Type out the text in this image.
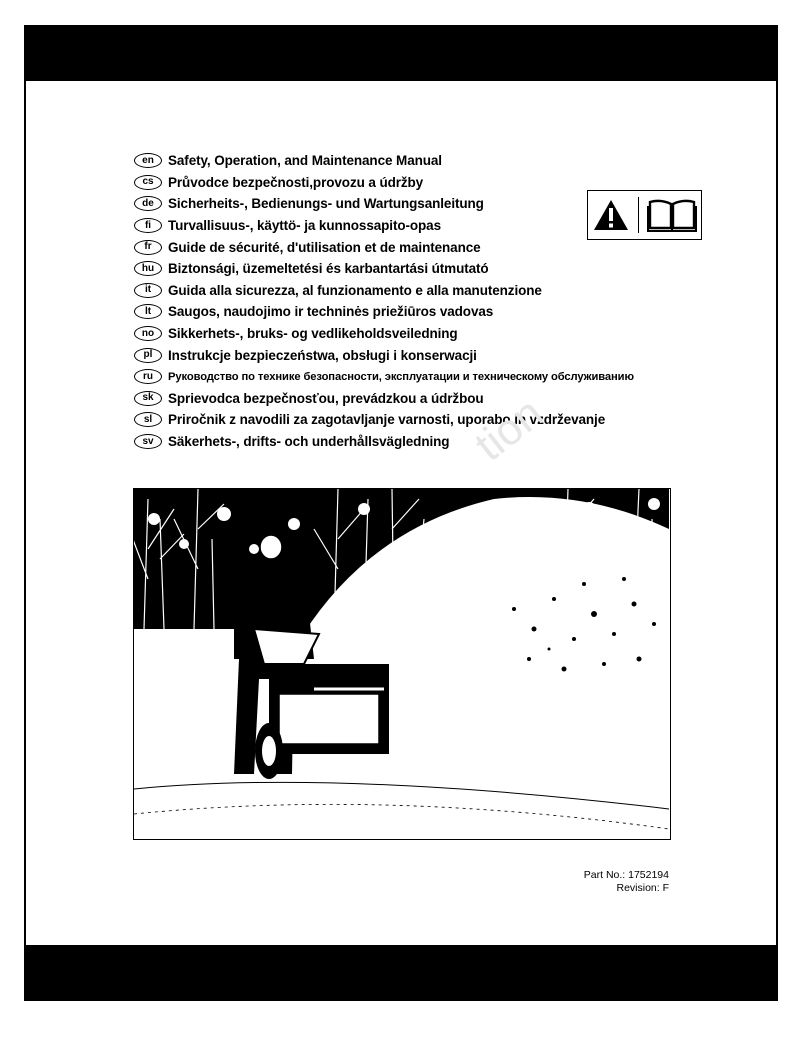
en	Safety, Operation, and Maintenance Manual
cs	Průvodce bezpečnosti,provozu a údržby
de	Sicherheits-, Bedienungs- und Wartungsanleitung
fi	Turvallisuus-, käyttö- ja kunnossapito-opas
fr	Guide de sécurité, d'utilisation et de maintenance
hu	Biztonsági, üzemeltetési és karbantartási útmutató
it	Guida alla sicurezza, al funzionamento e alla manutenzione
lt	Saugos, naudojimo ir techninės priežiūros vadovas
no	Sikkerhets-, bruks- og vedlikeholdsveiledning
pl	Instrukcje bezpieczeństwa, obsługi i konserwacji
ru	Руководство по технике безопасности, эксплуатации и техническому обслуживанию
sk	Sprievodca bezpečnosťou, prevádzkou a údržbou
sl	Priročnik z navodili za zagotavljanje varnosti, uporabo in vzdrževanje
sv	Säkerhets-, drifts- och underhållsvägledning tion
Part No.: 1752194
Revision: F
